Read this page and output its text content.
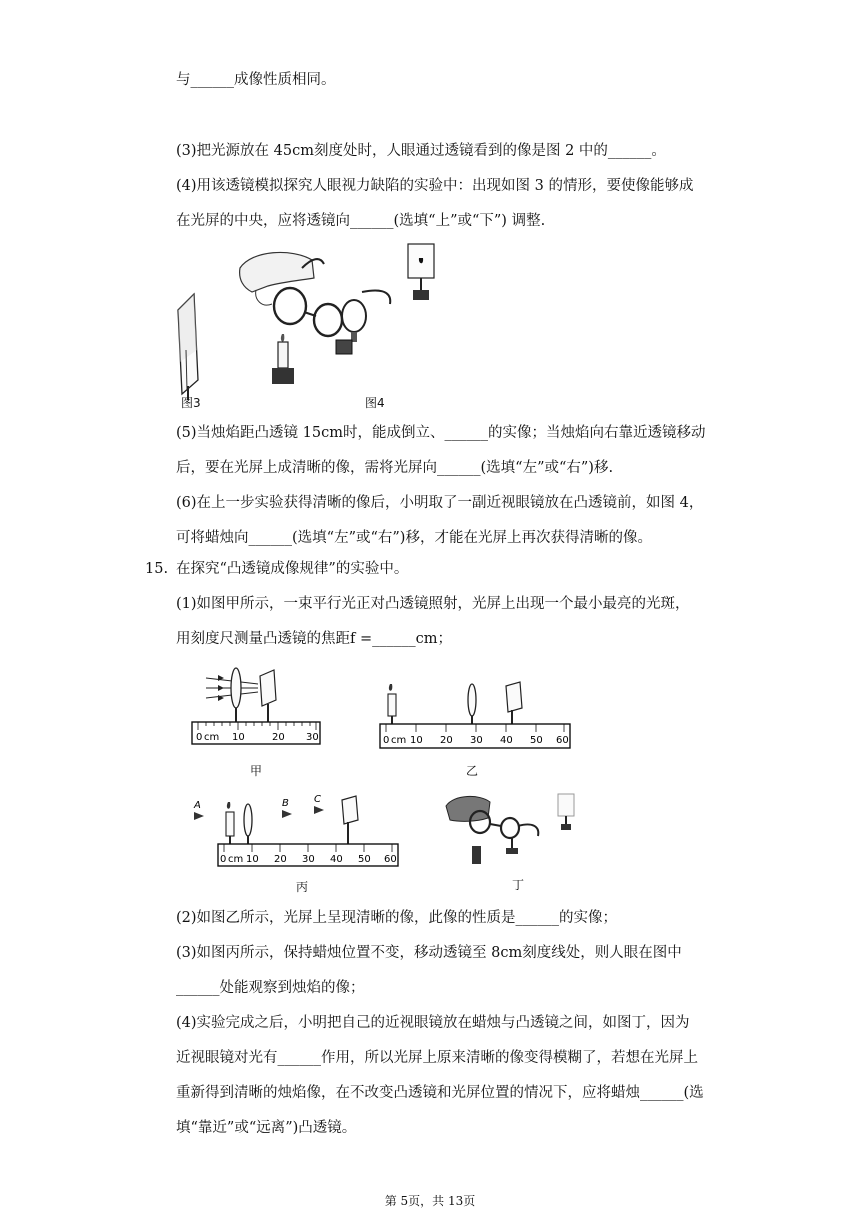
与______成像性质相同。
(3)把光源放在 45cm刻度处时，人眼通过透镜看到的像是图 2 中的______。
(4)用该透镜模拟探究人眼视力缺陷的实验中：出现如图 3 的情形，要使像能够成
在光屏的中央，应将透镜向______(选填“上”或“下”) 调整.
图3	图4
(5)当烛焰距凸透镜 15cm时，能成倒立、______的实像；当烛焰向右靠近透镜移动
后，要在光屏上成清晰的像，需将光屏向______(选填“左”或“右”)移.
(6)在上一步实验获得清晰的像后，小明取了一副近视眼镜放在凸透镜前，如图 4，
可将蜡烛向______(选填“左”或“右”)移，才能在光屏上再次获得清晰的像。
15. 在探究“凸透镜成像规律”的实验中。
(1)如图甲所示，一束平行光正对凸透镜照射，光屏上出现一个最小最亮的光斑，
用刻度尺测量凸透镜的焦距f =______cm；
0 cm 10	20 30
甲
0 cm 10 20 30 40 50 60
乙
A	B	C
0 cm 10 20 30 40 50 60
丙	丁
(2)如图乙所示，光屏上呈现清晰的像，此像的性质是______的实像；
(3)如图丙所示，保持蜡烛位置不变，移动透镜至 8cm刻度线处，则人眼在图中
______处能观察到烛焰的像；
(4)实验完成之后，小明把自己的近视眼镜放在蜡烛与凸透镜之间，如图丁，因为
近视眼镜对光有______作用，所以光屏上原来清晰的像变得模糊了，若想在光屏上
重新得到清晰的烛焰像，在不改变凸透镜和光屏位置的情况下，应将蜡烛______(选
填“靠近”或“远离”)凸透镜。
第 5页，共 13页
